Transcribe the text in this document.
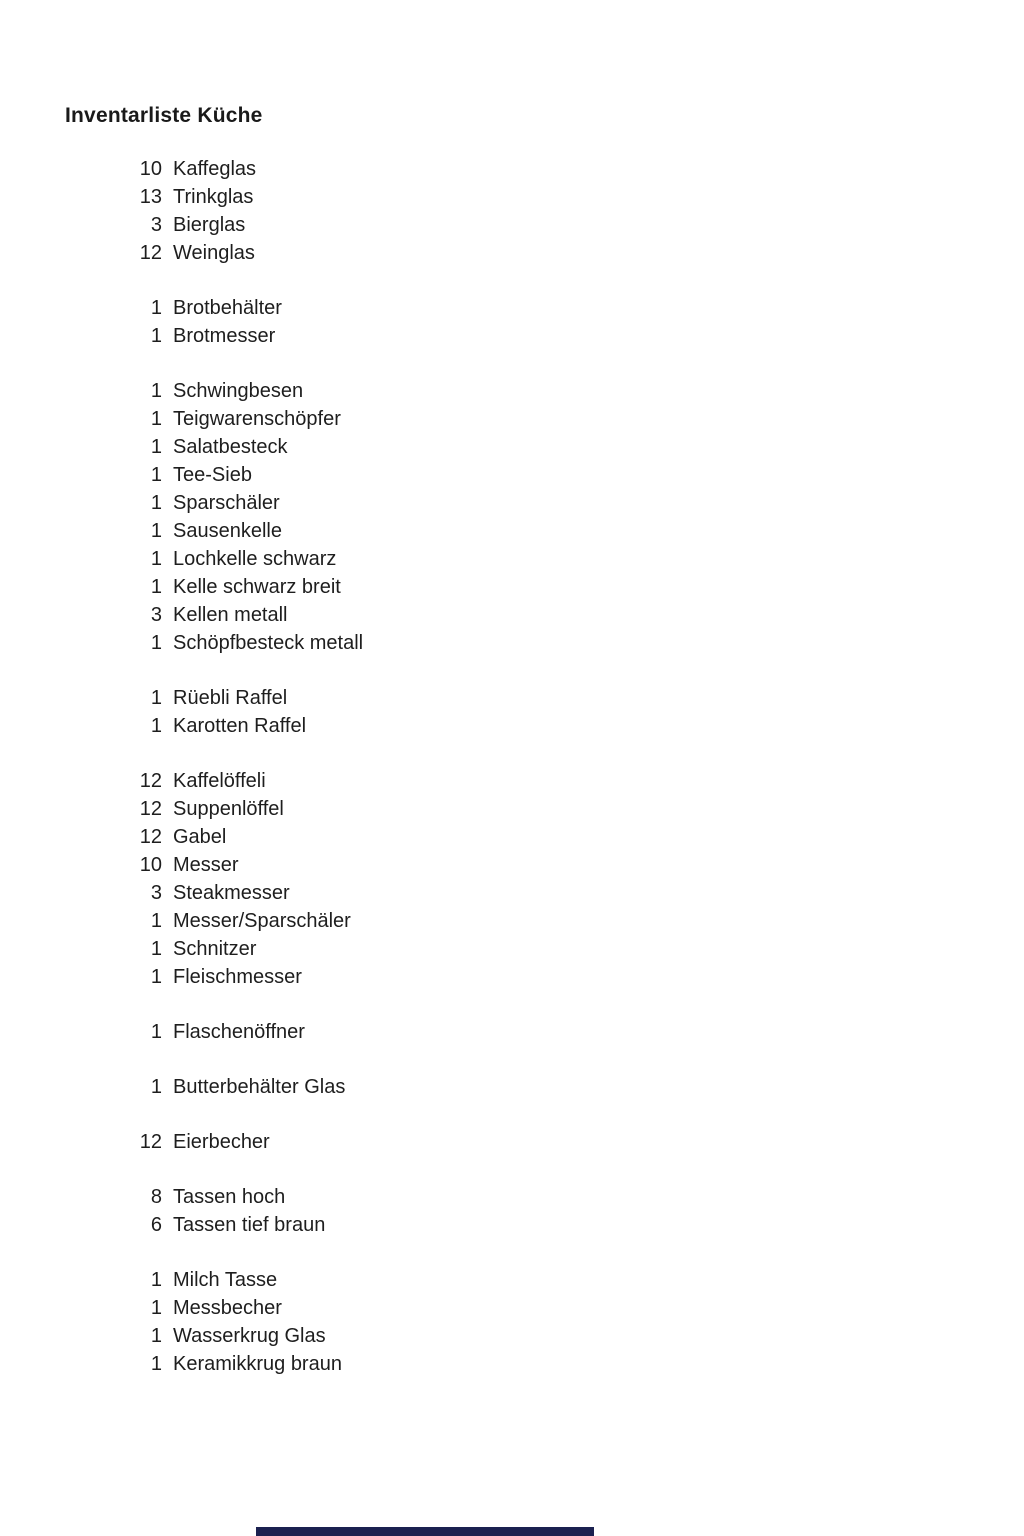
Inventarliste Küche
10 Kaffeglas
13 Trinkglas
3 Bierglas
12 Weinglas
1 Brotbehälter
1 Brotmesser
1 Schwingbesen
1 Teigwarenschöpfer
1 Salatbesteck
1 Tee-Sieb
1 Sparschäler
1 Sausenkelle
1 Lochkelle schwarz
1 Kelle schwarz breit
3 Kellen metall
1 Schöpfbesteck metall
1 Rüebli Raffel
1 Karotten Raffel
12 Kaffelöffeli
12 Suppenlöffel
12 Gabel
10 Messer
3 Steakmesser
1 Messer/Sparschäler
1 Schnitzer
1 Fleischmesser
1 Flaschenöffner
1 Butterbehälter Glas
12 Eierbecher
8 Tassen hoch
6 Tassen tief braun
1 Milch Tasse
1 Messbecher
1 Wasserkrug Glas
1 Keramikkrug braun
